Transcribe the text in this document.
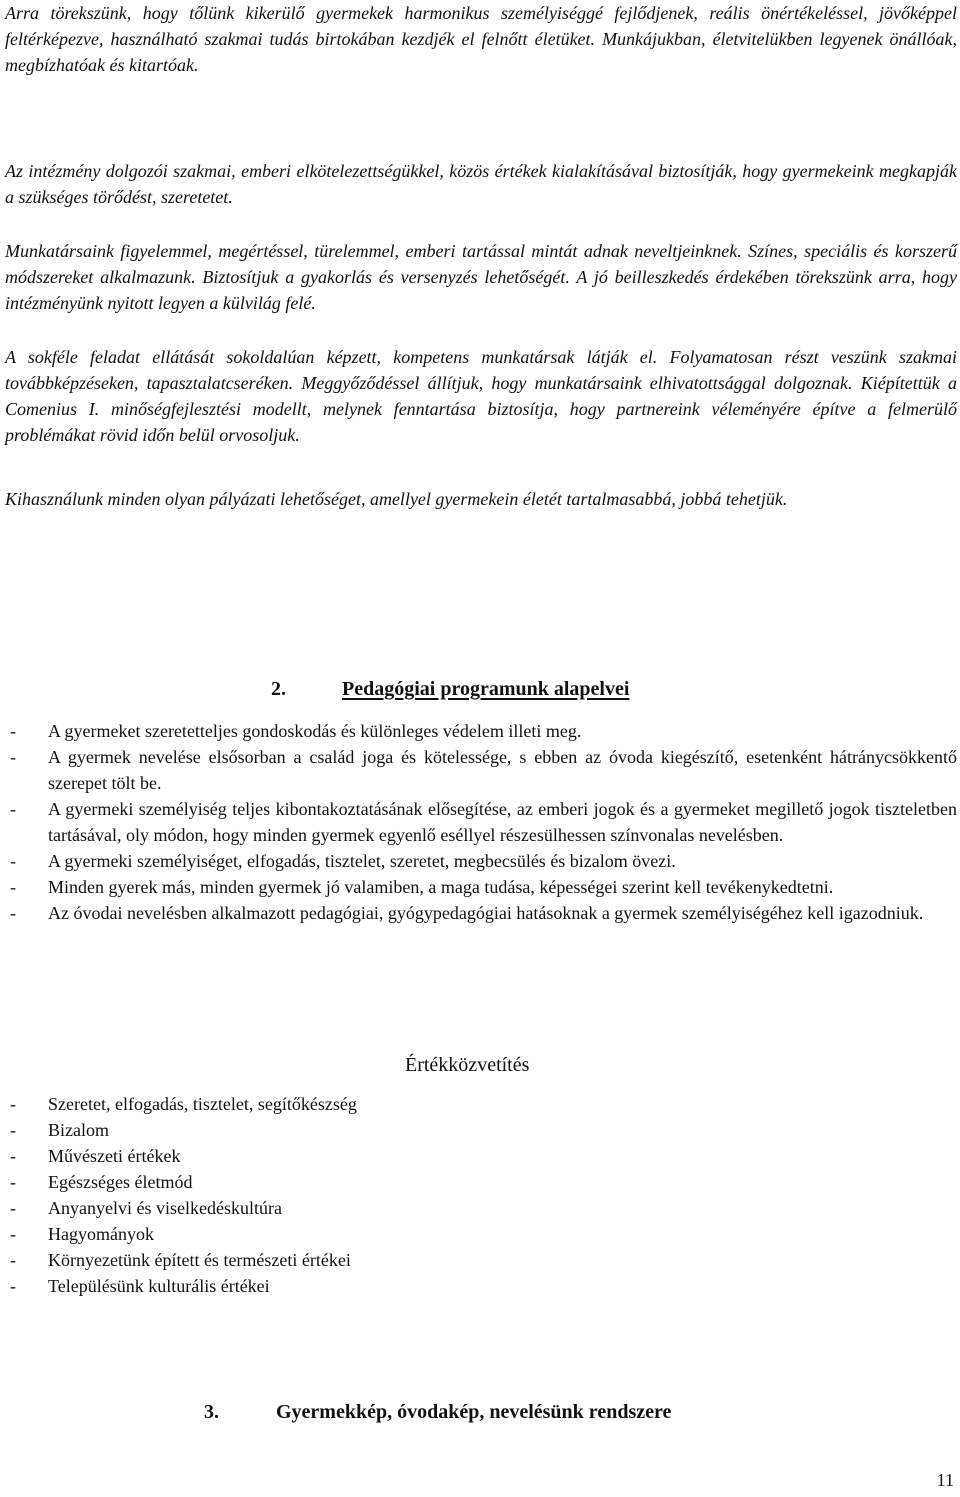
Arra törekszünk, hogy tőlünk kikerülő gyermekek harmonikus személyiséggé fejlődjenek, reális önértékeléssel, jövőképpel feltérképezve, használható szakmai tudás birtokában kezdjék el felnőtt életüket. Munkájukban, életvitelükben legyenek önállóak, megbízhatóak és kitartóak.

Az intézmény dolgozói szakmai, emberi elkötelezettségükkel, közös értékek kialakításával biztosítják, hogy gyermekeink megkapják a szükséges törődést, szeretetet.

Munkatársaink figyelemmel, megértéssel, türelemmel, emberi tartással mintát adnak neveltjeinknek. Színes, speciális és korszerű módszereket alkalmazunk. Biztosítjuk a gyakorlás és versenyzés lehetőségét. A jó beilleszkedés érdekében törekszünk arra, hogy intézményünk nyitott legyen a külvilág felé.

A sokféle feladat ellátását sokoldalúan képzett, kompetens munkatársak látják el. Folyamatosan részt veszünk szakmai továbbképzéseken, tapasztalatcseréken. Meggyőződéssel állítjuk, hogy munkatársaink elhivatottsággal dolgoznak. Kiépítettük a Comenius I. minőségfejlesztési modellt, melynek fenntartása biztosítja, hogy partnereink véleményére építve a felmerülő problémákat rövid időn belül orvosoljuk.

Kihasználunk minden olyan pályázati lehetőséget, amellyel gyermekein életét tartalmasabbá, jobbá tehetjük.

2.	Pedagógiai programunk alapelvei
- A gyermeket szeretetteljes gondoskodás és különleges védelem illeti meg.
- A gyermek nevelése elsősorban a család joga és kötelessége, s ebben az óvoda kiegészítő, esetenként hátránycsökkentő szerepet tölt be.
- A gyermeki személyiség teljes kibontakoztatásának elősegítése, az emberi jogok és a gyermeket megillető jogok tiszteletben tartásával, oly módon, hogy minden gyermek egyenlő eséllyel részesülhessen színvonalas nevelésben.
- A gyermeki személyiséget, elfogadás, tisztelet, szeretet, megbecsülés és bizalom övezi.
- Minden gyerek más, minden gyermek jó valamiben, a maga tudása, képességei szerint kell tevékenykedtetni.
- Az óvodai nevelésben alkalmazott pedagógiai, gyógypedagógiai hatásoknak a gyermek személyiségéhez kell igazodniuk.
Értékközvetítés
- Szeretet, elfogadás, tisztelet, segítőkészség
- Bizalom
- Művészeti értékek
- Egészséges életmód
- Anyanyelvi és viselkedéskultúra
- Hagyományok
- Környezetünk épített és természeti értékei
- Településünk kulturális értékei
3.	Gyermekkép, óvodakép, nevelésünk rendszere
11
